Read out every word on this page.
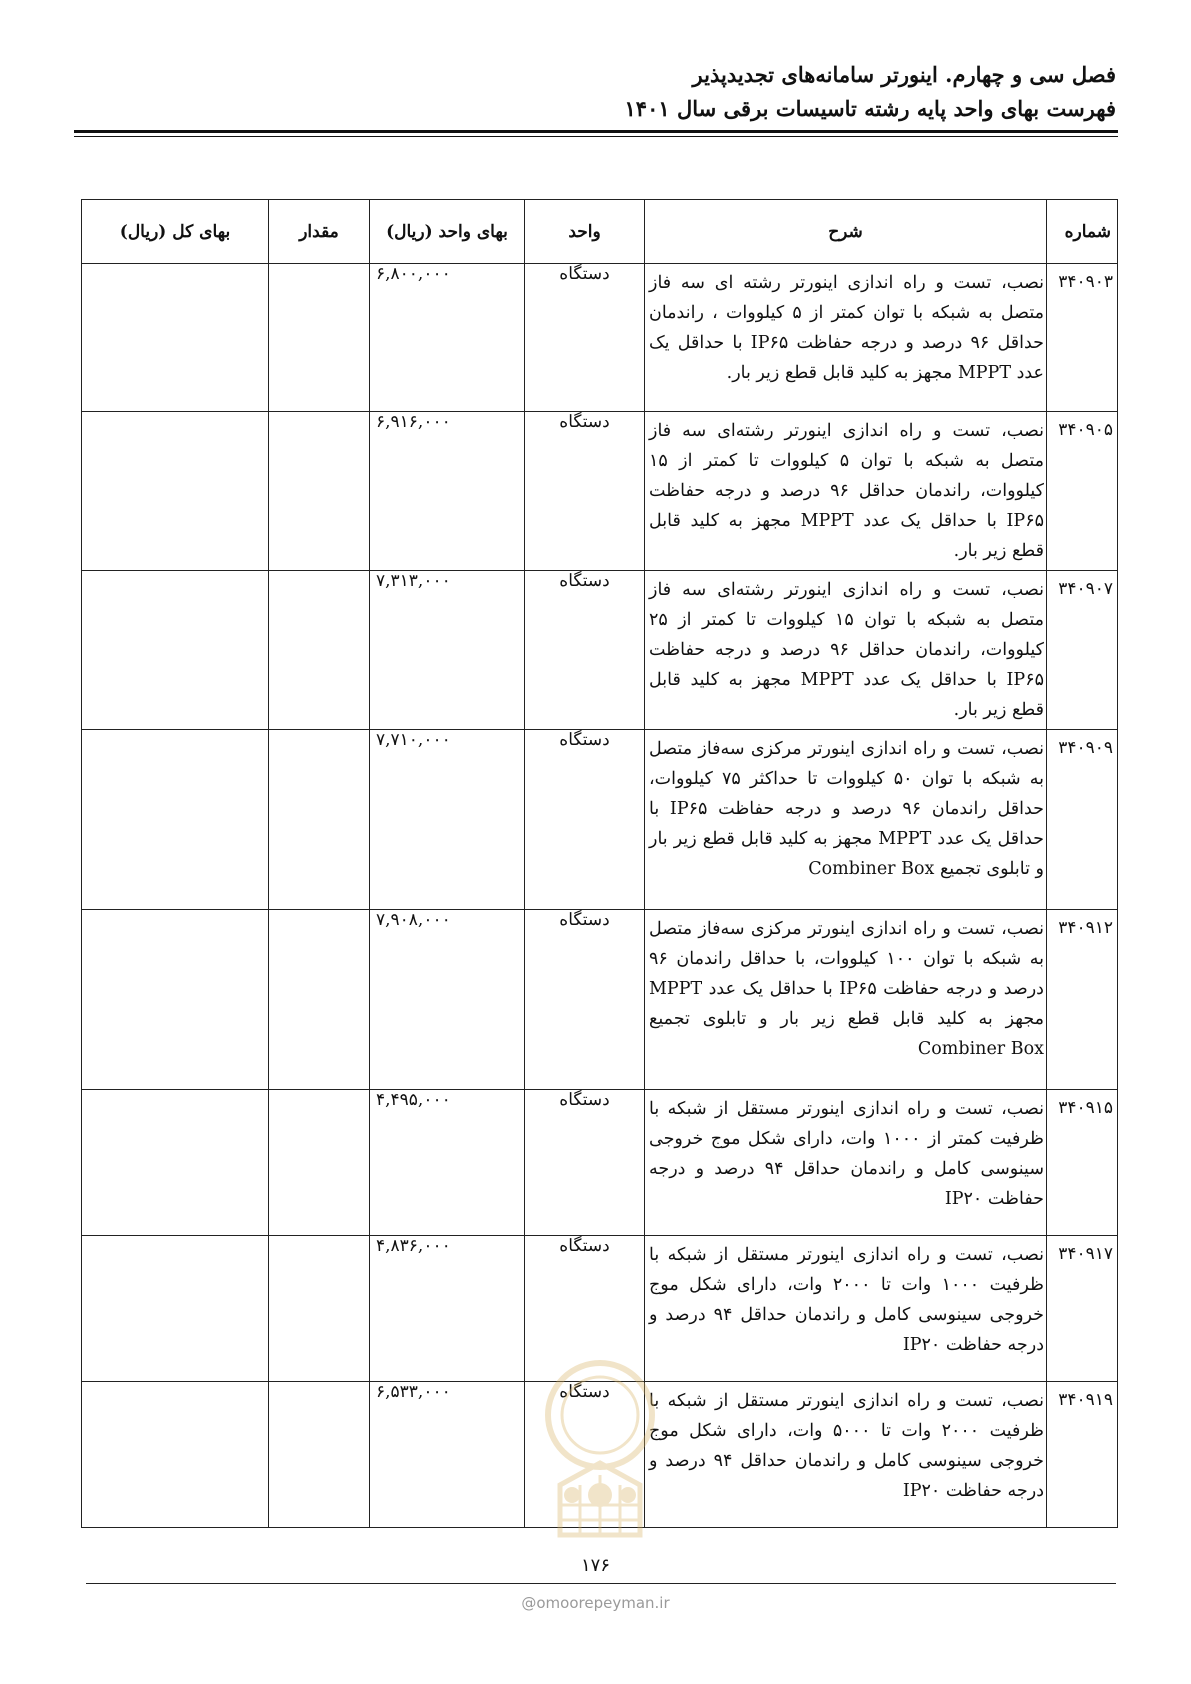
فصل سی و چهارم. اینورتر سامانه‌های تجدیدپذیر
فهرست بهای واحد پایه رشته تاسیسات برقی سال ۱۴۰۱
شماره	شرح	واحد	بهای واحد (ریال)	مقدار	بهای کل (ریال)
۳۴۰۹۰۳	نصب، تست و راه اندازی اینورتر رشته ای سه فاز متصل به شبکه با توان کمتر از ۵ کیلووات ، راندمان حداقل ۹۶ درصد و درجه حفاظت IP۶۵ با حداقل یک عدد MPPT مجهز به کلید قابل قطع زیر بار.	دستگاه	۶,۸۰۰,۰۰۰		
۳۴۰۹۰۵	نصب، تست و راه اندازی اینورتر رشته‌ای سه فاز متصل به شبکه با توان ۵ کیلووات تا کمتر از ۱۵ کیلووات، راندمان حداقل ۹۶ درصد و درجه حفاظت IP۶۵ با حداقل یک عدد MPPT مجهز به کلید قابل قطع زیر بار.	دستگاه	۶,۹۱۶,۰۰۰		
۳۴۰۹۰۷	نصب، تست و راه اندازی اینورتر رشته‌ای سه فاز متصل به شبکه با توان ۱۵ کیلووات تا کمتر از ۲۵ کیلووات، راندمان حداقل ۹۶ درصد و درجه حفاظت IP۶۵ با حداقل یک عدد MPPT مجهز به کلید قابل قطع زیر بار.	دستگاه	۷,۳۱۳,۰۰۰		
۳۴۰۹۰۹	نصب، تست و راه اندازی اینورتر مرکزی سه‌فاز متصل به شبکه با توان ۵۰ کیلووات تا حداکثر ۷۵ کیلووات، حداقل راندمان ۹۶ درصد و درجه حفاظت IP۶۵ با حداقل یک عدد MPPT مجهز به کلید قابل قطع زیر بار و تابلوی تجمیع Combiner Box	دستگاه	۷,۷۱۰,۰۰۰		
۳۴۰۹۱۲	نصب، تست و راه اندازی اینورتر مرکزی سه‌فاز متصل به شبکه با توان ۱۰۰ کیلووات، با حداقل راندمان ۹۶ درصد و درجه حفاظت IP۶۵ با حداقل یک عدد MPPT مجهز به کلید قابل قطع زیر بار و تابلوی تجمیع Combiner Box	دستگاه	۷,۹۰۸,۰۰۰		
۳۴۰۹۱۵	نصب، تست و راه اندازی اینورتر مستقل از شبکه با ظرفیت کمتر از ۱۰۰۰ وات، دارای شکل موج خروجی سینوسی کامل و راندمان حداقل ۹۴ درصد و درجه حفاظت IP۲۰	دستگاه	۴,۴۹۵,۰۰۰		
۳۴۰۹۱۷	نصب، تست و راه اندازی اینورتر مستقل از شبکه با ظرفیت ۱۰۰۰ وات تا ۲۰۰۰ وات، دارای شکل موج خروجی سینوسی کامل و راندمان حداقل ۹۴ درصد و درجه حفاظت IP۲۰	دستگاه	۴,۸۳۶,۰۰۰		
۳۴۰۹۱۹	نصب، تست و راه اندازی اینورتر مستقل از شبکه با ظرفیت ۲۰۰۰ وات تا ۵۰۰۰ وات، دارای شکل موج خروجی سینوسی کامل و راندمان حداقل ۹۴ درصد و درجه حفاظت IP۲۰	دستگاه	۶,۵۳۳,۰۰۰		
۱۷۶
@omoorepeyman.ir
